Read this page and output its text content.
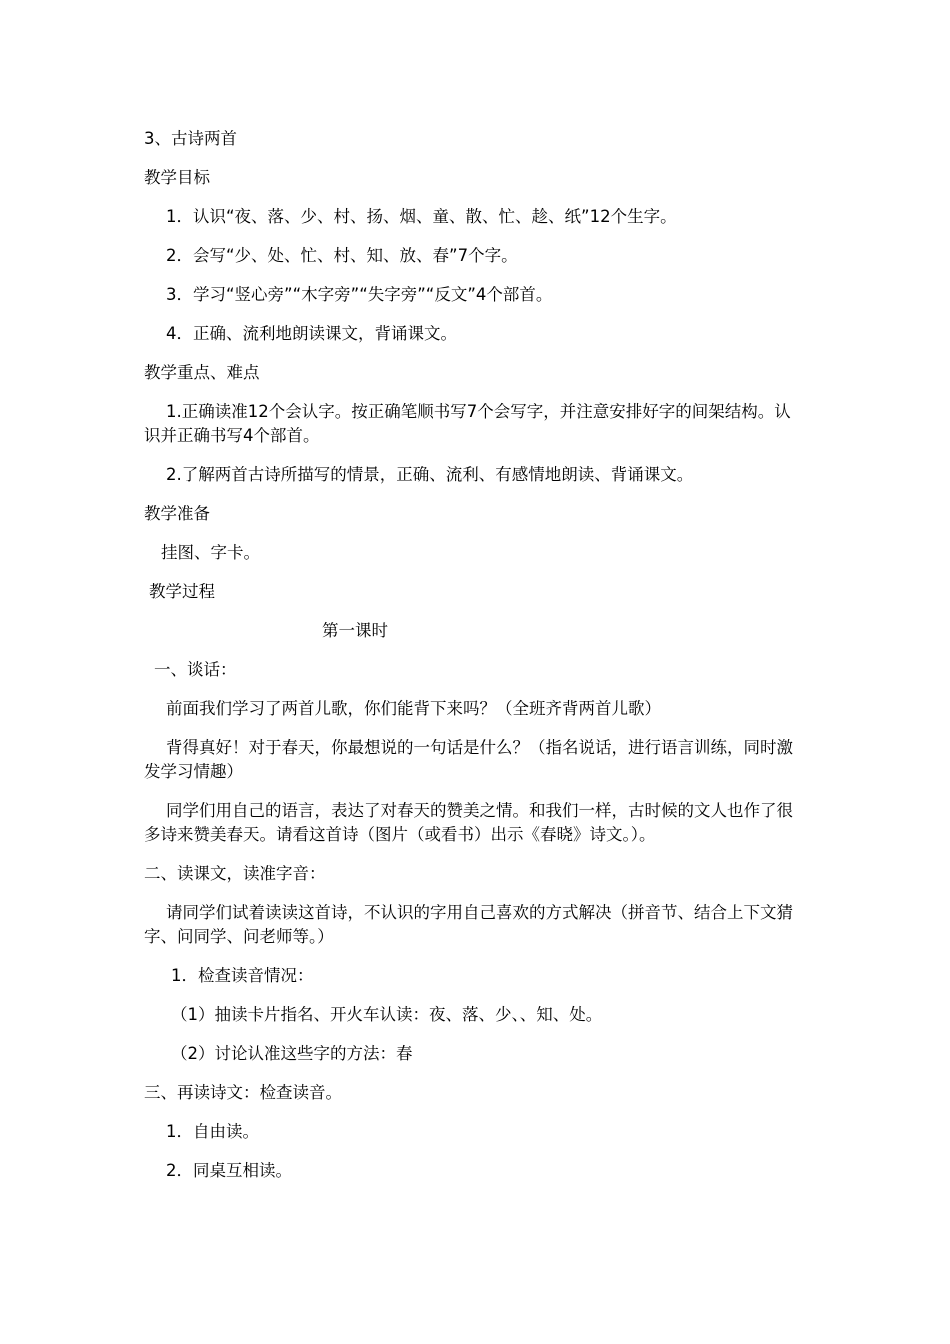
3、古诗两首
教学目标
1．认识“夜、落、少、村、扬、烟、童、散、忙、趁、纸”12个生字。
2．会写“少、处、忙、村、知、放、春”7个字。
3．学习“竖心旁”“木字旁”“失字旁”“反文”4个部首。
4．正确、流利地朗读课文，背诵课文。
教学重点、难点
1.正确读准12个会认字。按正确笔顺书写7个会写字，并注意安排好字的间架结构。认识并正确书写4个部首。
2.了解两首古诗所描写的情景，正确、流利、有感情地朗读、背诵课文。
教学准备
挂图、字卡。
教学过程
第一课时
一、谈话：
前面我们学习了两首儿歌，你们能背下来吗？（全班齐背两首儿歌）
背得真好！对于春天，你最想说的一句话是什么？（指名说话，进行语言训练，同时激发学习情趣）
同学们用自己的语言，表达了对春天的赞美之情。和我们一样，古时候的文人也作了很多诗来赞美春天。请看这首诗（图片（或看书）出示《春晓》诗文。）。
二、读课文，读准字音：
请同学们试着读读这首诗，不认识的字用自己喜欢的方式解决（拼音节、结合上下文猜字、问同学、问老师等。）
1．检查读音情况：
（1）抽读卡片指名、开火车认读：夜、落、少、、知、处。
（2）讨论认准这些字的方法：春
三、再读诗文：检查读音。
1．自由读。
2．同桌互相读。
